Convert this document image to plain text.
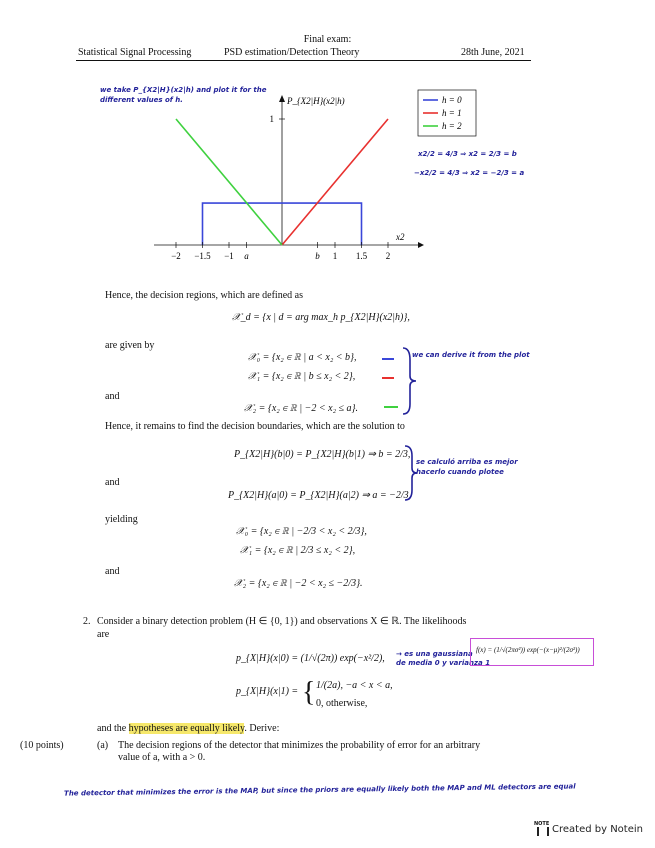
Final exam:
Statistical Signal Processing	PSD estimation/Detection Theory	28th June, 2021
we take P_{X2|H}(x2|h) and plot it for the
different values of h.
−2 −1.5 −1 a	b 1 1.5 2
1
P_{X2|H}(x2|h)
x2
h = 0
h = 1
h = 2
x2/2 = 4/3 ⇒ x2 = 2/3 = b
−x2/2 = 4/3 ⇒ x2 = −2/3 = a
Hence, the decision regions, which are defined as
𝒳_d = {x | d = arg max_h p_{X2|H}(x2|h)},
are given by
𝒳₀ = {x₂ ∈ ℝ | a < x₂ < b},
𝒳₁ = {x₂ ∈ ℝ | b ≤ x₂ < 2},
and
𝒳₂ = {x₂ ∈ ℝ | −2 < x₂ ≤ a}.
we can derive it from the plot
Hence, it remains to find the decision boundaries, which are the solution to
P_{X2|H}(b|0) = P_{X2|H}(b|1) ⇒ b = 2/3,
and
P_{X2|H}(a|0) = P_{X2|H}(a|2) ⇒ a = −2/3,
se calculó arriba es mejor
hacerlo cuando plotee
yielding
𝒳₀ = {x₂ ∈ ℝ | −2/3 < x₂ < 2/3},
𝒳₁ = {x₂ ∈ ℝ | 2/3 ≤ x₂ < 2},
and
𝒳₂ = {x₂ ∈ ℝ | −2 < x₂ ≤ −2/3}.
2. Consider a binary detection problem (H ∈ {0, 1}) and observations X ∈ ℝ. The likelihoods
are
p_{X|H}(x|0) = (1/√(2π)) exp(−x²/2), → es una gaussiana
de media 0 y varianza 1
f(x) = (1/√(2πσ²)) exp(−(x−μ)²/(2σ²))
p_{X|H}(x|1) = { 1/(2a), −a < x < a,
0, otherwise,
and the hypotheses are equally likely. Derive:
(10 points)	(a) The decision regions of the detector that minimizes the probability of error for an arbitrary
value of a, with a > 0.
The detector that minimizes the error is the MAP, but since the priors are equally likely both the MAP and ML detectors are equal
NOTE Created by Notein
